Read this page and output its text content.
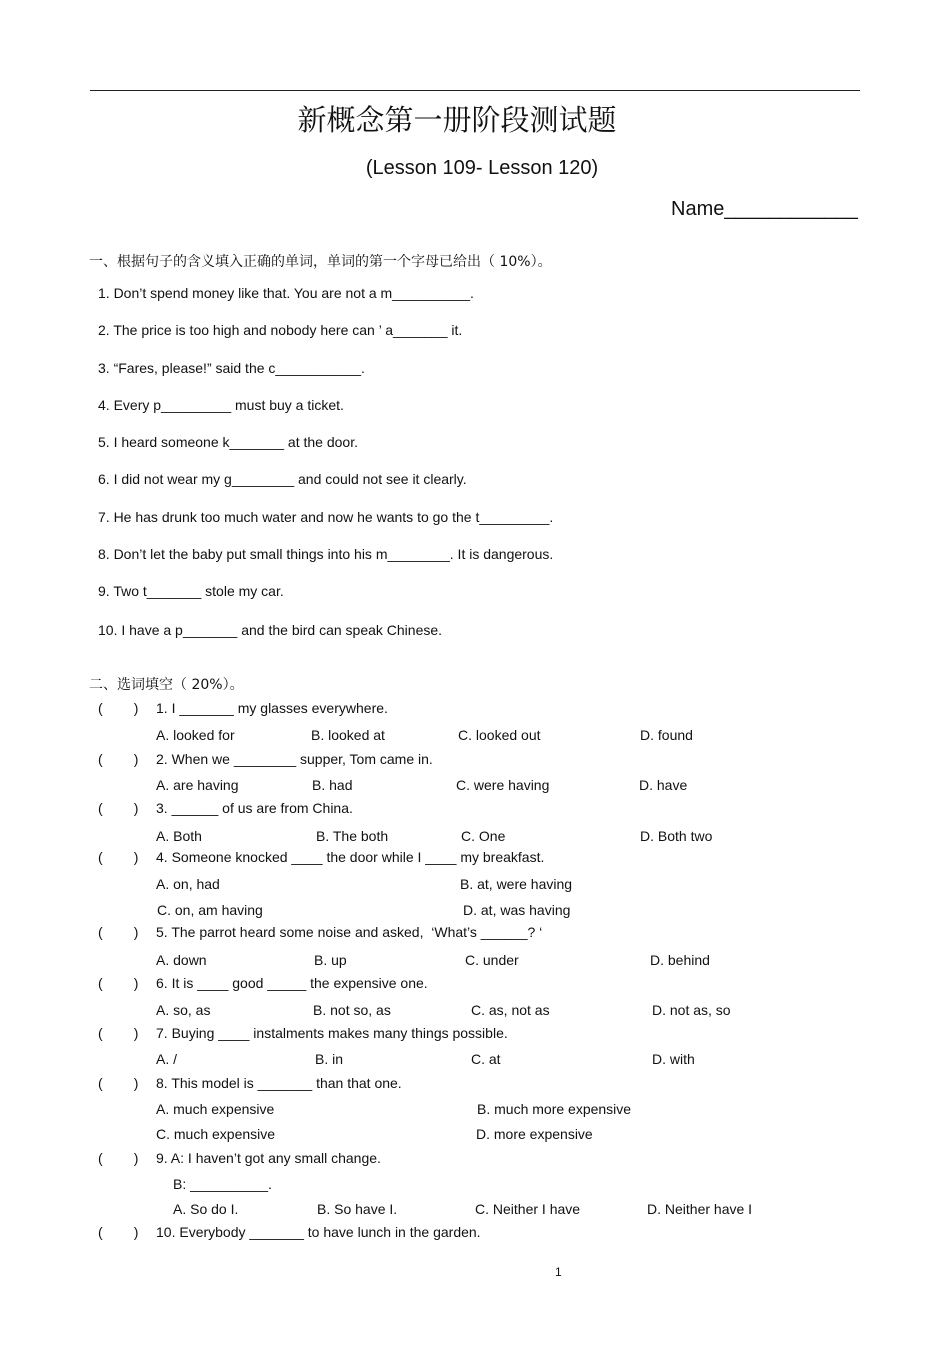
新概念第一册阶段测试题
(Lesson 109- Lesson 120)
Name____________
一、根据句子的含义填入正确的单词，单词的第一个字母已给出（ 10%）。
1. Don’t spend money like that. You are not a m__________.
2. The price is too high and nobody here can ’ a_______ it.
3. “Fares, please!” said the c___________.
4. Every p_________ must buy a ticket.
5. I heard someone k_______ at the door.
6. I did not wear my g________ and could not see it clearly.
7. He has drunk too much water and now he wants to go the t_________.
8. Don’t let the baby put small things into his m________. It is dangerous.
9. Two t_______ stole my car.
10. I have a p_______ and the bird can speak Chinese.
二、选词填空（ 20%）。
(        ) 1. I _______ my glasses everywhere.
A. looked for	B. looked at	C. looked out	D. found
(        ) 2. When we ________ supper, Tom came in.
A. are having	B. had	C. were having	D. have
(        ) 3. ______ of us are from China.
A. Both	B. The both	C. One	D. Both two
(        ) 4. Someone knocked ____ the door while I ____ my breakfast.
A. on, had	B. at, were having
C. on, am having	D. at, was having
(        ) 5. The parrot heard some noise and asked,  ‘What’s ______? ‘
A. down	B. up	C. under	D. behind
(        ) 6. It is ____ good _____ the expensive one.
A. so, as	B. not so, as	C. as, not as	D. not as, so
(        ) 7. Buying ____ instalments makes many things possible.
A. /	B. in	C. at	D. with
(        ) 8. This model is _______ than that one.
A. much expensive	B. much more expensive
C. much expensive	D. more expensive
(        ) 9. A: I haven’t got any small change.
B: __________.
A. So do I.	B. So have I.	C. Neither I have	D. Neither have I
(        ) 10. Everybody _______ to have lunch in the garden.
1
